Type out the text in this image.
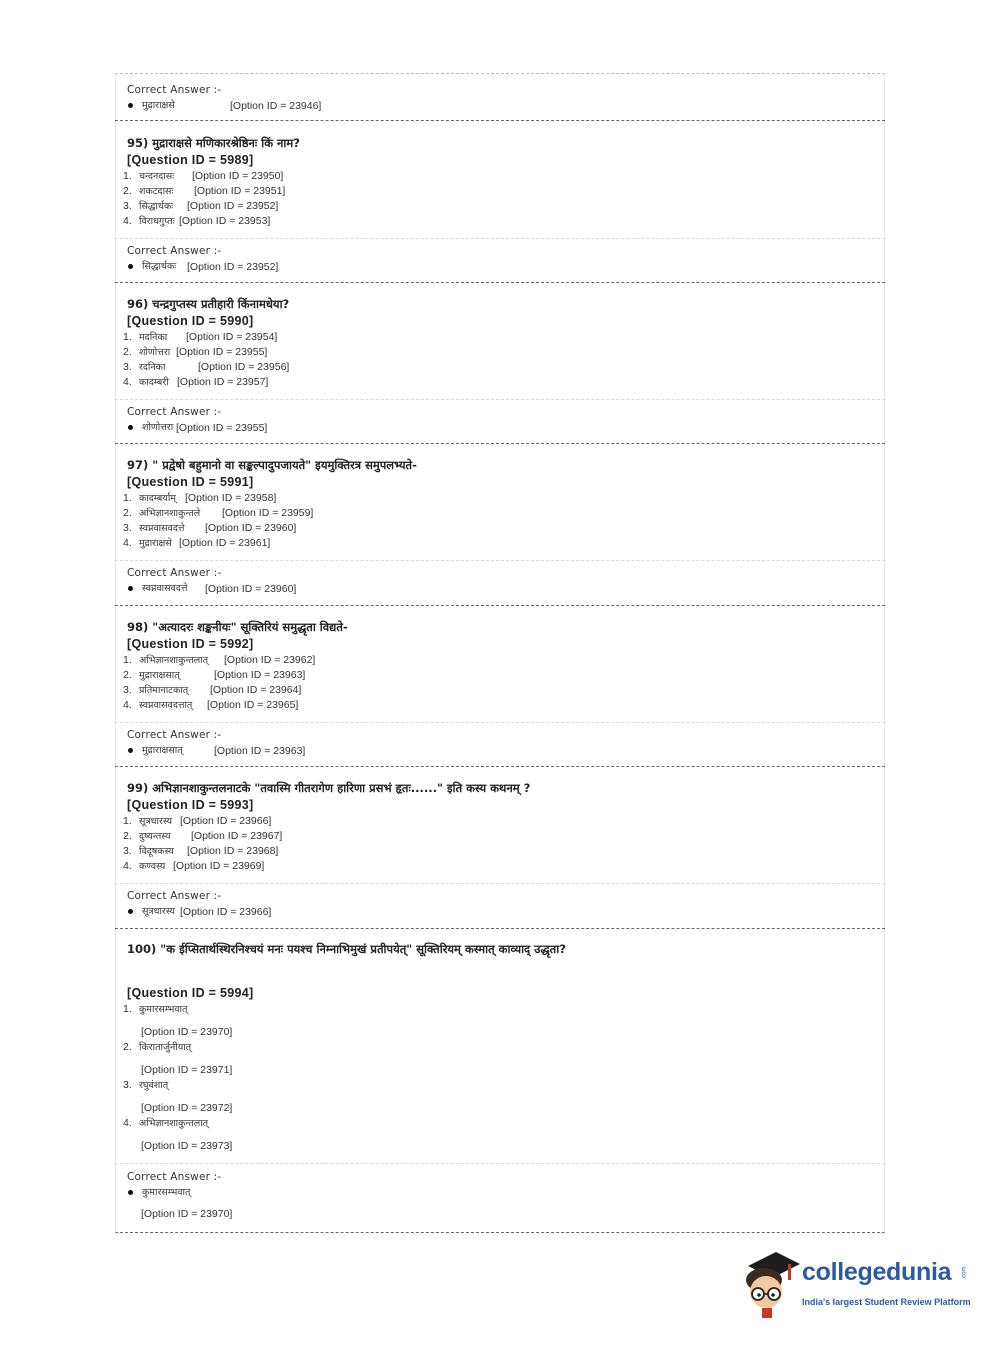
Correct Answer :-
मुद्राराक्षसे	[Option ID = 23946]
95) मुद्राराक्षसे मणिकारश्रेष्ठिनः किं नाम?
[Question ID = 5989]
1. चन्दनदासः [Option ID = 23950]
2. शकटदासः [Option ID = 23951]
3. सिद्धार्थकः [Option ID = 23952]
4. विराधगुप्तः [Option ID = 23953]
Correct Answer :-
सिद्धार्थकः [Option ID = 23952]
96) चन्द्रगुप्तस्य प्रतीहारी किंनामधेया?
[Question ID = 5990]
1. मदनिका [Option ID = 23954]
2. शोणोत्तरा [Option ID = 23955]
3. रदनिका	[Option ID = 23956]
4. कादम्बरी [Option ID = 23957]
Correct Answer :-
शोणोत्तरा [Option ID = 23955]
97) " प्रद्वेषो बहुमानो वा सङ्कल्पादुपजायते" इयमुक्तिरत्र समुपलभ्यते-
[Question ID = 5991]
1. कादम्बर्याम् [Option ID = 23958]
2. अभिज्ञानशाकुन्तले [Option ID = 23959]
3. स्वप्नवासवदत्ते [Option ID = 23960]
4. मुद्राराक्षसे [Option ID = 23961]
Correct Answer :-
स्वप्नवासवदत्ते [Option ID = 23960]
98) "अत्यादरः शङ्कनीयः" सूक्तिरियं समुद्धृता विद्यते-
[Question ID = 5992]
1. अभिज्ञानशाकुन्तलात् [Option ID = 23962]
2. मुद्राराक्षसात्	[Option ID = 23963]
3. प्रतिमानाटकात् [Option ID = 23964]
4. स्वप्नवासवदत्तात् [Option ID = 23965]
Correct Answer :-
मुद्राराक्षसात्	[Option ID = 23963]
99) अभिज्ञानशाकुन्तलनाटके "तवास्मि गीतरागेण हारिणा प्रसभं हृतः......" इति कस्य कथनम् ?
[Question ID = 5993]
1. सूत्रधारस्य [Option ID = 23966]
2. दुष्यन्तस्य [Option ID = 23967]
3. विदूषकस्य [Option ID = 23968]
4. कण्वस्य [Option ID = 23969]
Correct Answer :-
सूत्रधारस्य [Option ID = 23966]
100) "क ईप्सितार्थस्थिरनिश्चयं मनः पयश्च निम्नाभिमुखं प्रतीपयेत्" सूक्तिरियम् कस्मात् काव्याद् उद्धृता?
[Question ID = 5994]
1. कुमारसम्भवात्
[Option ID = 23970]
2. किरातार्जुनीयात्
[Option ID = 23971]
3. रघुवंशात्
[Option ID = 23972]
4. अभिज्ञानशाकुन्तलात्
[Option ID = 23973]
Correct Answer :-
कुमारसम्भवात्
[Option ID = 23970]
collegedunia .com
India's largest Student Review Platform
